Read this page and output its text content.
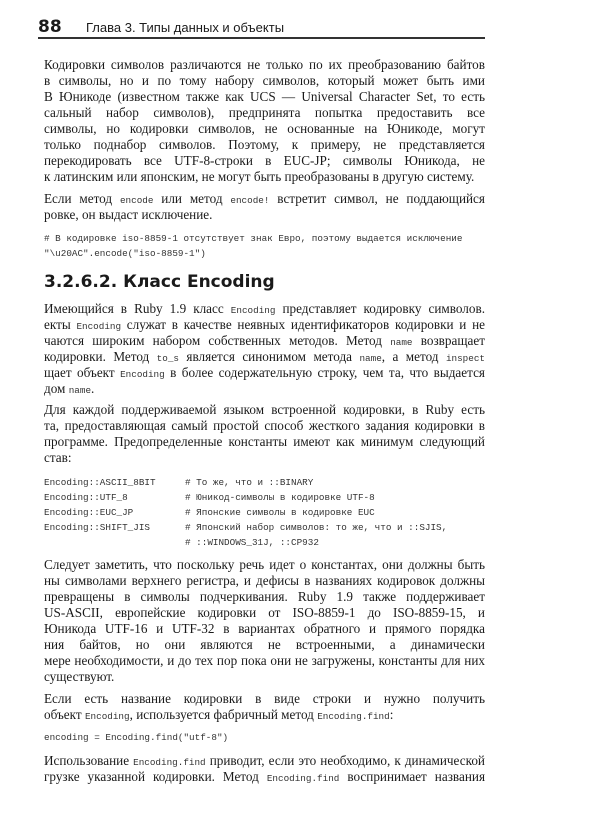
88 Глава 3. Типы данных и объекты
Кодировки символов различаются не только по их преобразованию байтов
в символы, но и по тому набору символов, который может быть ими
В Юникоде (известном также как UCS — Universal Character Set, то есть
сальный набор символов), предпринята попытка предоставить все
символы, но кодировки символов, не основанные на Юникоде, могут
только поднабор символов. Поэтому, к примеру, не представляется
перекодировать все UTF-8-строки в EUC-JP; символы Юникода, не
к латинским или японским, не могут быть преобразованы в другую систему.
Если метод encode или метод encode! встретит символ, не поддающийся
ровке, он выдаст исключение.
# В кодировке iso-8859-1 отсутствует знак Евро, поэтому выдается исключение
"\u20AC".encode("iso-8859-1")
3.2.6.2. Класс Encoding
Имеющийся в Ruby 1.9 класс Encoding представляет кодировку символов.
екты Encoding служат в качестве неявных идентификаторов кодировки и не
чаются широким набором собственных методов. Метод name возвращает
кодировки. Метод to_s является синонимом метода name, а метод inspect
щает объект Encoding в более содержательную строку, чем та, что выдается
дом name.
Для каждой поддерживаемой языком встроенной кодировки, в Ruby есть
та, предоставляющая самый простой способ жесткого задания кодировки в
программе. Предопределенные константы имеют как минимум следующий
став:
Encoding::ASCII_8BIT	# То же, что и ::BINARY
Encoding::UTF_8	# Юникод-символы в кодировке UTF-8
Encoding::EUC_JP	# Японские символы в кодировке EUC
Encoding::SHIFT_JIS	# Японский набор символов: то же, что и ::SJIS,
# ::WINDOWS_31J, ::CP932
Следует заметить, что поскольку речь идет о константах, они должны быть
ны символами верхнего регистра, и дефисы в названиях кодировок должны
превращены в символы подчеркивания. Ruby 1.9 также поддерживает
US-ASCII, европейские кодировки от ISO-8859-1 до ISO-8859-15, и
Юникода UTF-16 и UTF-32 в вариантах обратного и прямого порядка
ния байтов, но они являются не встроенными, а динамически
мере необходимости, и до тех пор пока они не загружены, константы для них
существуют.
Если есть название кодировки в виде строки и нужно получить
объект Encoding, используется фабричный метод Encoding.find:
encoding = Encoding.find("utf-8")
Использование Encoding.find приводит, если это необходимо, к динамической
грузке указанной кодировки. Метод Encoding.find воспринимает названия
